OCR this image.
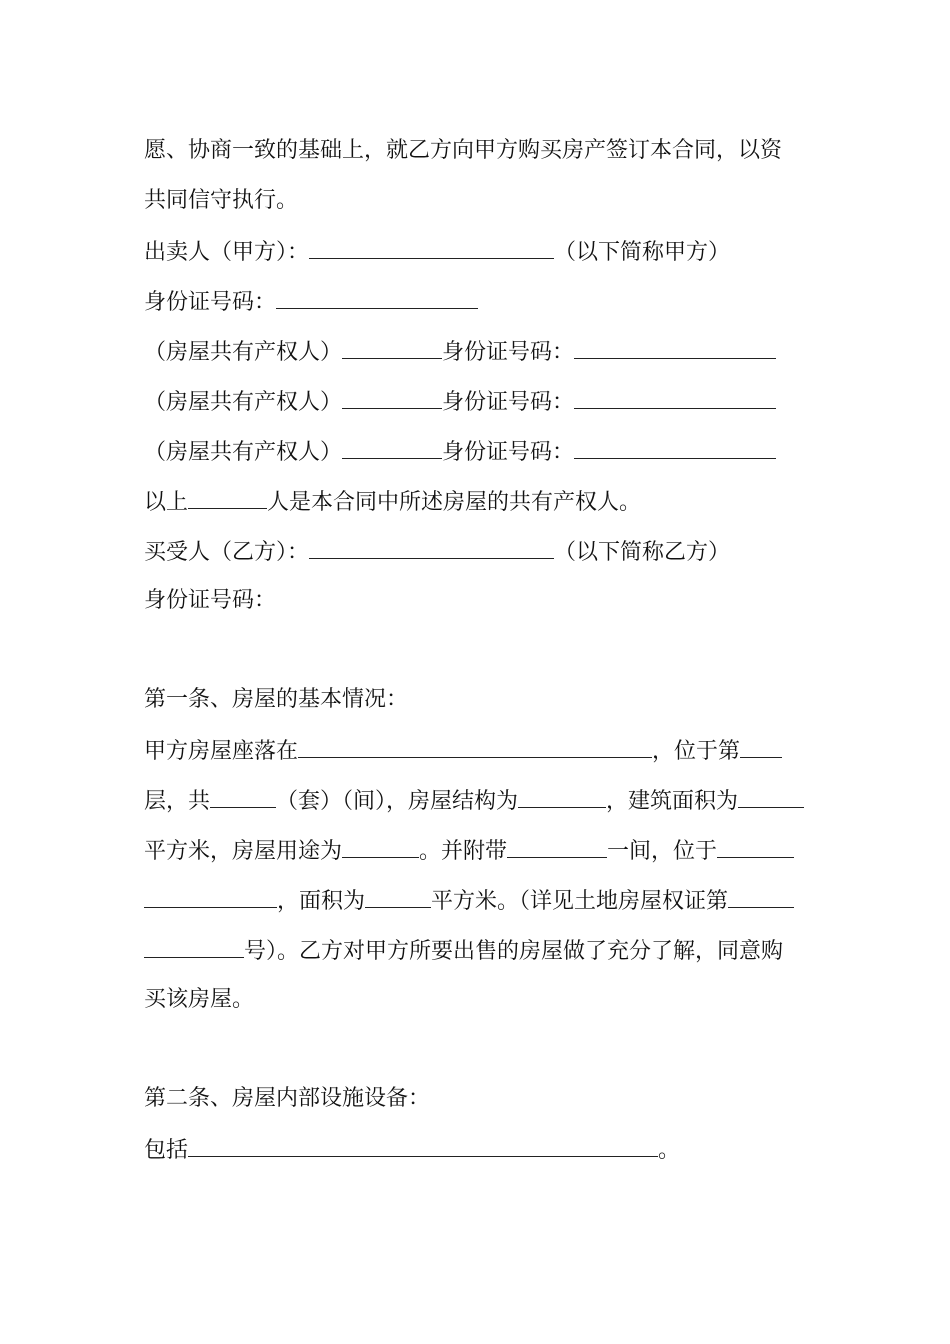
愿、协商一致的基础上，就乙方向甲方购买房产签订本合同，以资
共同信守执行。
出卖人（甲方）：	（以下简称甲方）
身份证号码：
（房屋共有产权人）	身份证号码：
（房屋共有产权人）	身份证号码：
（房屋共有产权人）	身份证号码：
以上	人是本合同中所述房屋的共有产权人。
买受人（乙方）：	（以下简称乙方）
身份证号码：
第一条、房屋的基本情况：
甲方房屋座落在	，位于第
层，共	（套）（间），房屋结构为	，建筑面积为
平方米，房屋用途为	。并附带	一间，位于
，面积为	平方米。（详见土地房屋权证第
号）。乙方对甲方所要出售的房屋做了充分了解，同意购
买该房屋。
第二条、房屋内部设施设备：
包括	。
